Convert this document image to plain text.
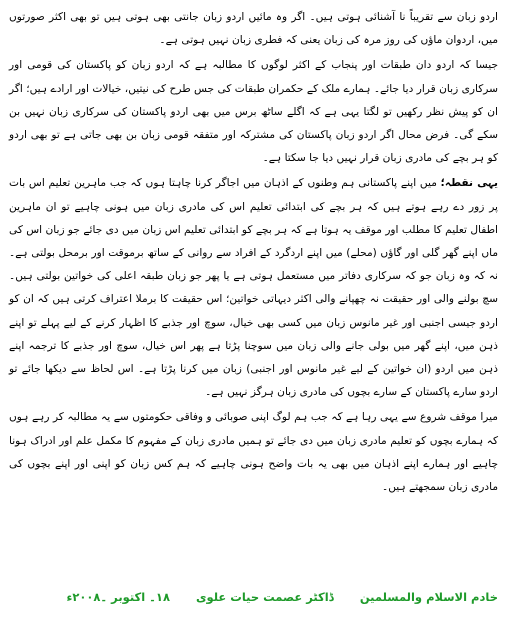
اردو زبان سے تقریباً نا آشنائی ہوتی ہیں۔ اگر وہ مائیں اردو زبان جانتی بھی ہوتی ہیں تو بھی اکثر صورتوں میں، اردوان ماؤں کی روز مرہ کی زبان یعنی کہ فطری زبان نہیں ہوتی ہے۔

جیسا کہ اردو دان طبقات اور پنجاب کے اکثر لوگوں کا مطالبہ ہے کہ اردو زبان کو پاکستان کی قومی اور سرکاری زبان قرار دیا جائے۔ ہمارے ملک کے حکمران طبقات کی جس طرح کی نیتیں، خیالات اور ارادے ہیں؛ اگر ان کو پیش نظر رکھیں تو لگتا یہی ہے کہ اگلے ساٹھ برس میں بھی اردو پاکستان کی سرکاری زبان نہیں بن سکے گی۔ فرض محال اگر اردو زبان پاکستان کی مشترکہ اور متفقہ قومی زبان بن بھی جاتی ہے تو بھی اردو کو ہر بچے کی مادری زبان قرار نہیں دیا جا سکتا ہے۔

یہی نقطہ؛ میں اپنے پاکستانی ہم وطنوں کے اذہان میں اجاگر کرنا چاہتا ہوں کہ جب ماہرین تعلیم اس بات پر زور دے رہے ہوتے ہیں کہ ہر بچے کی ابتدائی تعلیم اس کی مادری زبان میں ہونی چاہیے تو ان ماہرین اطفال تعلیم کا مطلب اور موقف یہ ہوتا ہے کہ ہر بچے کو ابتدائی تعلیم اس زبان میں دی جائے جو زبان اس کی ماں اپنے گھر گلی اور گاؤں (محلے) میں اپنے اردگرد کے افراد سے روانی کے ساتھ برموقت اور برمحل بولتی ہے۔ نہ کہ وہ زبان جو کہ سرکاری دفاتر میں مستعمل ہوتی ہے یا پھر جو زبان طبقہ اعلی کی خواتین بولتی ہیں۔ سچ بولنے والی اور حقیقت نہ چھپانے والی اکثر دیہاتی خواتین؛ اس حقیقت کا برملا اعتراف کرتی ہیں کہ ان کو اردو جیسی اجنبی اور غیر مانوس زبان میں کسی بھی خیال، سوچ اور جذبے کا اظہار کرنے کے لیے پہلے تو اپنے ذہن میں، اپنے گھر میں بولی جانے والی زبان میں سوچنا پڑتا ہے پھر اس خیال، سوچ اور جذبے کا ترجمہ اپنے ذہن میں اردو (ان خواتین کے لیے غیر مانوس اور اجنبی) زبان میں کرنا پڑتا ہے۔ اس لحاظ سے دیکھا جائے تو اردو سارے پاکستان کے سارے بچوں کی مادری زبان ہرگز نہیں ہے۔

میرا موقف شروع سے یہی رہا ہے کہ جب ہم لوگ اپنی صوبائی و وفاقی حکومتوں سے یہ مطالبہ کر رہے ہوں کہ ہمارے بچوں کو تعلیم مادری زبان میں دی جائے تو ہمیں مادری زبان کے مفہوم کا مکمل علم اور ادراک ہونا چاہیے اور ہمارے اپنے اذہان میں بھی یہ بات واضح ہونی چاہیے کہ ہم کس زبان کو اپنی اور اپنے بچوں کی مادری زبان سمجھتے ہیں۔

خادم الاسلام والمسلمین
ڈاکٹر عصمت حیات علوی
۱۸۔ اکتوبر ۔۲۰۰۸ء
